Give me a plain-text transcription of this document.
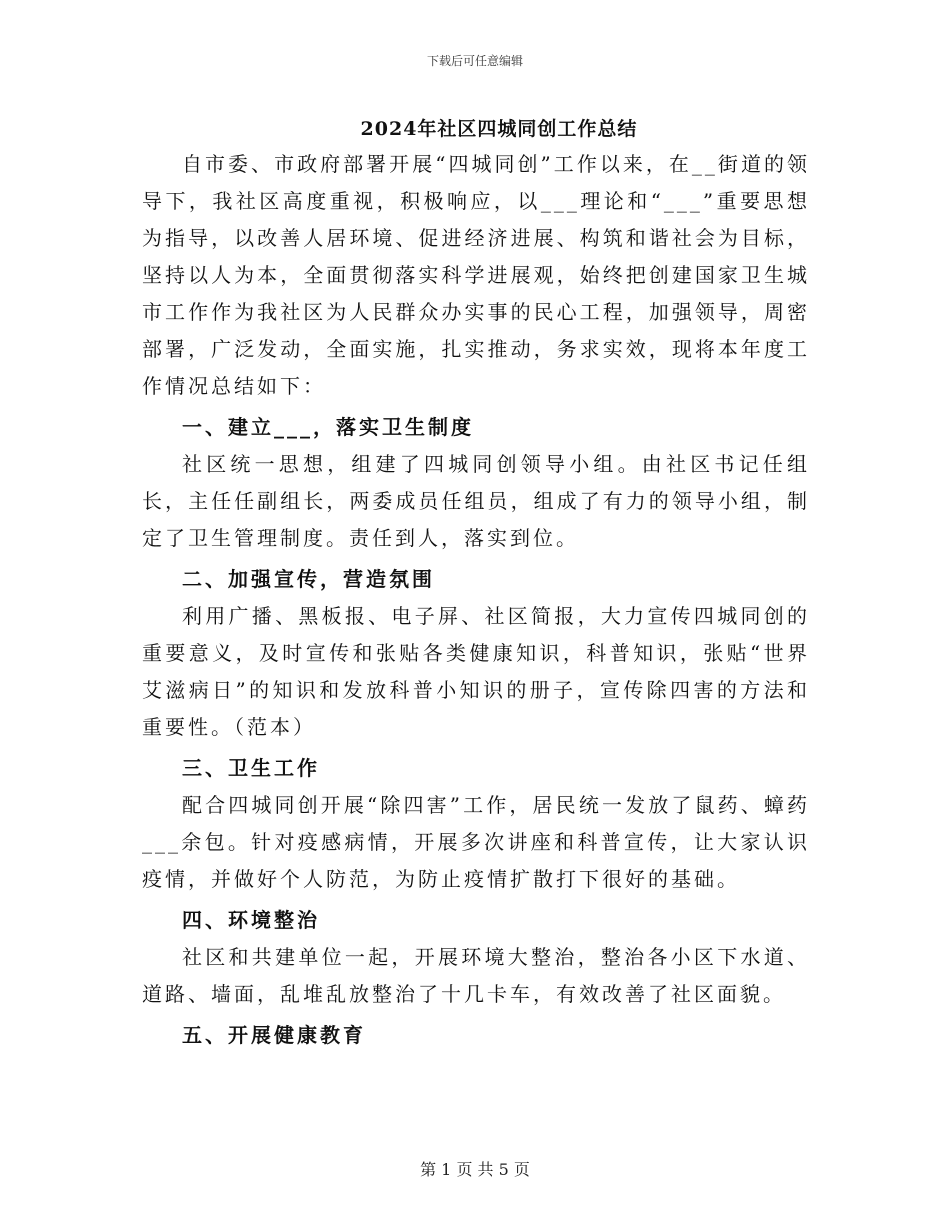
下载后可任意编辑
2024年社区四城同创工作总结

自市委、市政府部署开展“四城同创”工作以来，在__街道的领导下，我社区高度重视，积极响应，以___理论和“___”重要思想为指导，以改善人居环境、促进经济进展、构筑和谐社会为目标，坚持以人为本，全面贯彻落实科学进展观，始终把创建国家卫生城市工作作为我社区为人民群众办实事的民心工程，加强领导，周密部署，广泛发动，全面实施，扎实推动，务求实效，现将本年度工作情况总结如下：

一、建立___，落实卫生制度

社区统一思想，组建了四城同创领导小组。由社区书记任组长，主任任副组长，两委成员任组员，组成了有力的领导小组，制定了卫生管理制度。责任到人，落实到位。

二、加强宣传，营造氛围

利用广播、黑板报、电子屏、社区简报，大力宣传四城同创的重要意义，及时宣传和张贴各类健康知识，科普知识，张贴“世界艾滋病日”的知识和发放科普小知识的册子，宣传除四害的方法和重要性。（范本）

三、卫生工作

配合四城同创开展“除四害”工作，居民统一发放了鼠药、蟑药___余包。针对疫感病情，开展多次讲座和科普宣传，让大家认识疫情，并做好个人防范，为防止疫情扩散打下很好的基础。

四、环境整治

社区和共建单位一起，开展环境大整治，整治各小区下水道、道路、墙面，乱堆乱放整治了十几卡车，有效改善了社区面貌。

五、开展健康教育

第 1 页 共 5 页
